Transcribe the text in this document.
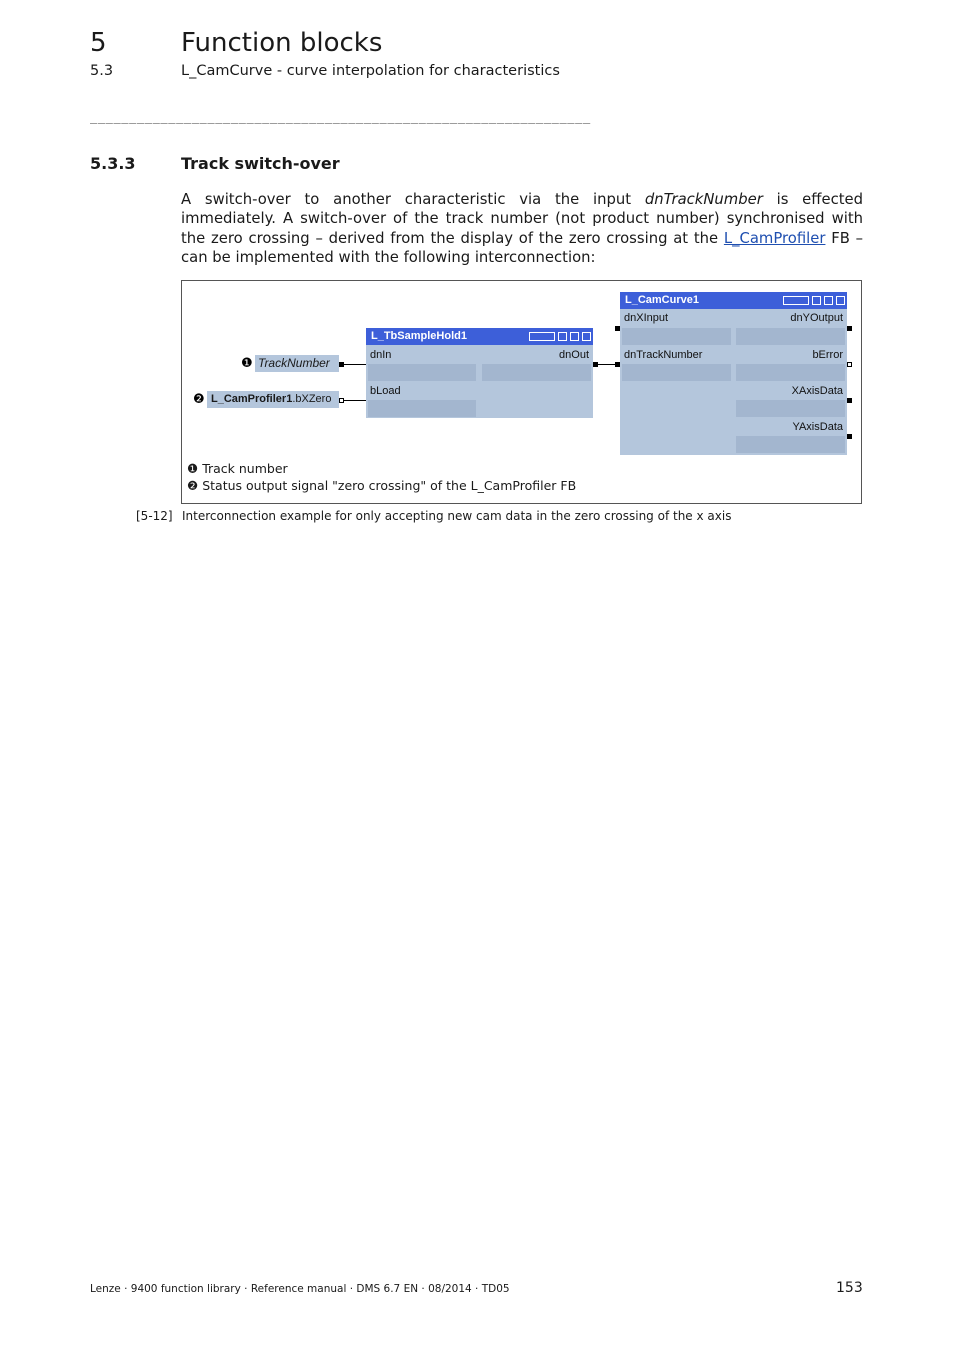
5	Function blocks
5.3	L_CamCurve - curve interpolation for characteristics
________________________________________________________________
5.3.3	Track switch-over
A switch-over to another characteristic via the input dnTrackNumber is effected immediately. A switch-over of the track number (not product number) synchronised with the zero crossing – derived from the display of the zero crossing at the L_CamProfiler FB – can be implemented with the following interconnection:
❶ TrackNumber
❷ L_CamProfiler1.bXZero
L_TbSampleHold1
dnIn	dnOut
bLoad
L_CamCurve1
dnXInput	dnYOutput
dnTrackNumber	bError
XAxisData
YAxisData
❶ Track number
❷ Status output signal "zero crossing" of the L_CamProfiler FB
[5-12] Interconnection example for only accepting new cam data in the zero crossing of the x axis
Lenze · 9400 function library · Reference manual · DMS 6.7 EN · 08/2014 · TD05	153
